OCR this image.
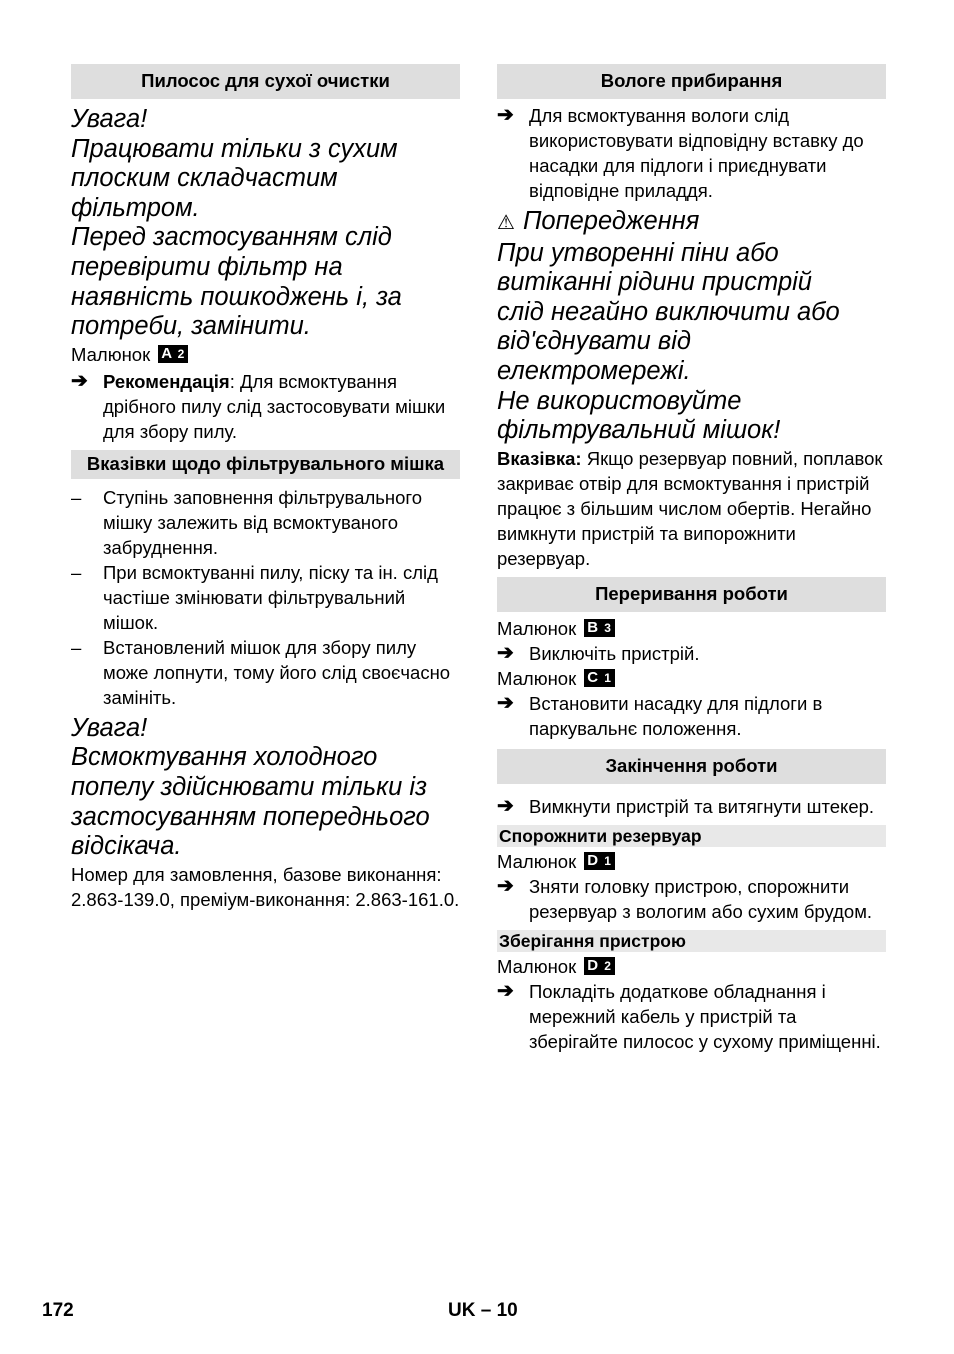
Пилосос для сухої очистки
Увага!
Працювати тільки з сухим
плоским складчастим
фільтром.
Перед застосуванням слід
перевірити фільтр на
наявність пошкоджень і, за
потреби, замінити.
Малюнок A 2
➔ Рекомендація: Для всмоктування дрібного пилу слід застосовувати мішки для збору пилу.
Вказівки щодо фільтрувального мішка
–	Ступінь заповнення фільтрувального мішку залежить від всмоктуваного забруднення.
–	При всмоктуванні пилу, піску та ін. слід частіше змінювати фільтрувальний мішок.
–	Встановлений мішок для збору пилу може лопнути, тому його слід своєчасно замініть.
Увага!
Всмоктування холодного
попелу здійснювати тільки із
застосуванням попереднього
відсікача.

Номер для замовлення, базове виконання: 2.863-139.0, преміум-виконання: 2.863-161.0.

Вологе прибирання
➔ Для всмоктування вологи слід використовувати відповідну вставку до насадки для підлоги і приєднувати відповідне приладдя.
⚠ Попередження
При утворенні піни або
витіканні рідини пристрій
слід негайно виключити або
від'єднувати від
електромережі.
Не використовуйте
фільтрувальний мішок!

Вказівка: Якщо резервуар повний, поплавок закриває отвір для всмоктування і пристрій працює з більшим числом обертів. Негайно вимкнути пристрій та випорожнити резервуар.

Переривання роботи
Малюнок B 3
➔ Виключіть пристрій.
Малюнок C 1
➔ Встановити насадку для підлоги в паркувальнє положення.
Закінчення роботи
➔ Вимкнути пристрій та витягнути штекер.
Спорожнити резервуар
Малюнок D 1
➔ Зняти головку пристрою, спорожнити резервуар з вологим або сухим брудом.
Зберігання пристрою
Малюнок D 2
➔ Покладіть додаткове обладнання і мережний кабель у пристрій та зберігайте пилосос у сухому приміщенні.
172	UK – 10
